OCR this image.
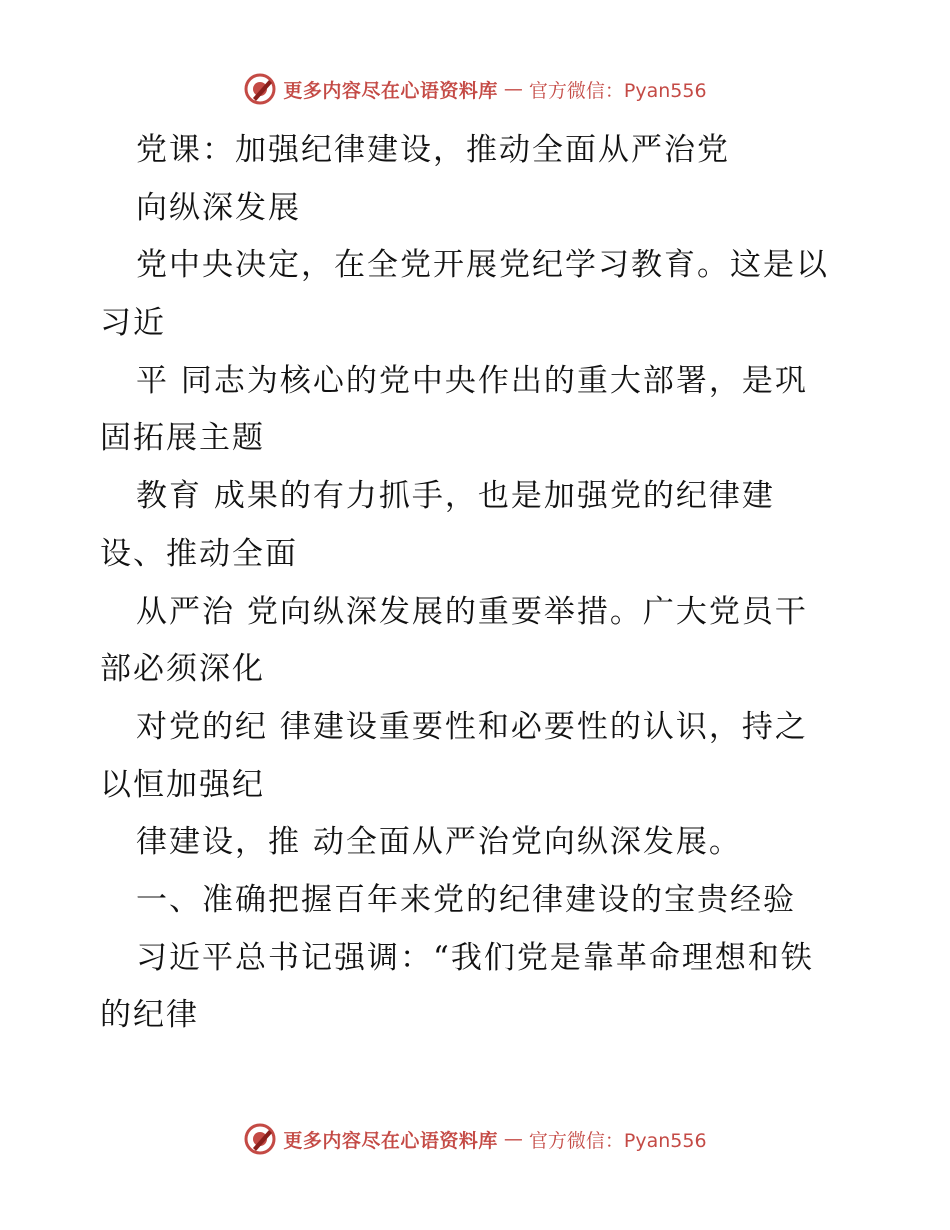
更多内容尽在心语资料库 — 官方微信：Pyan556
党课：加强纪律建设，推动全面从严治党
向纵深发展
党中央决定，在全党开展党纪学习教育。这是以
习近
平 同志为核心的党中央作出的重大部署，是巩
固拓展主题
教育 成果的有力抓手，也是加强党的纪律建
设、推动全面
从严治 党向纵深发展的重要举措。广大党员干
部必须深化
对党的纪 律建设重要性和必要性的认识，持之
以恒加强纪
律建设，推 动全面从严治党向纵深发展。
一、准确把握百年来党的纪律建设的宝贵经验
习近平总书记强调：“我们党是靠革命理想和铁
的纪律
更多内容尽在心语资料库 — 官方微信：Pyan556
